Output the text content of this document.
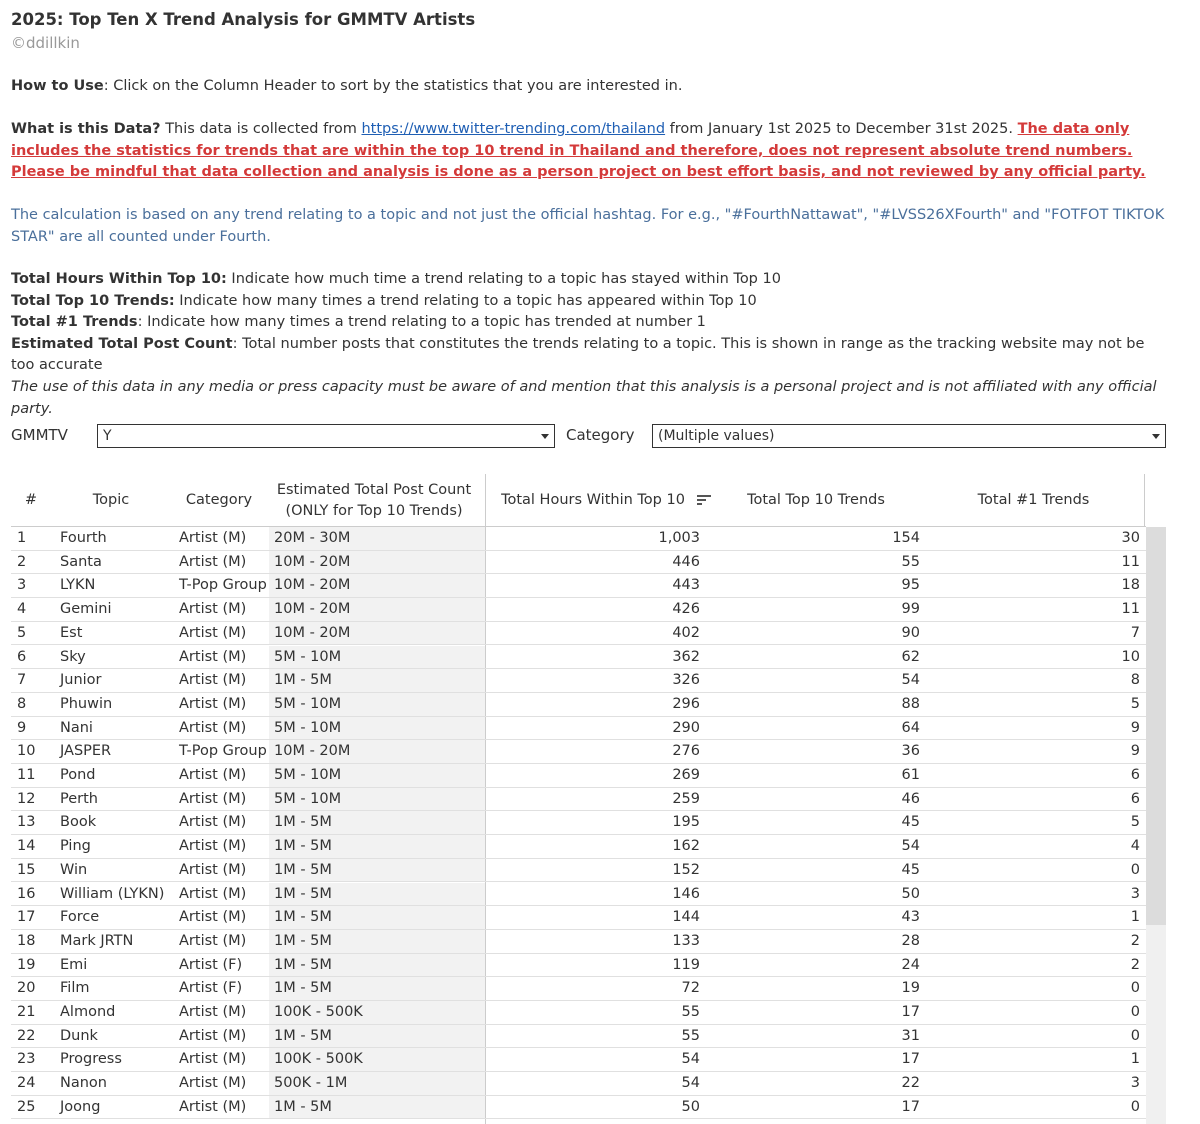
2025: Top Ten X Trend Analysis for GMMTV Artists
©ddillkin
How to Use: Click on the Column Header to sort by the statistics that you are interested in.
What is this Data? This data is collected from https://www.twitter-trending.com/thailand from January 1st 2025 to December 31st 2025. The data only includes the statistics for trends that are within the top 10 trend in Thailand and therefore, does not represent absolute trend numbers. Please be mindful that data collection and analysis is done as a person project on best effort basis, and not reviewed by any official party.
The calculation is based on any trend relating to a topic and not just the official hashtag. For e.g., "#FourthNattawat", "#LVSS26XFourth" and "FOTFOT TIKTOK STAR" are all counted under Fourth.
Total Hours Within Top 10: Indicate how much time a trend relating to a topic has stayed within Top 10
Total Top 10 Trends: Indicate how many times a trend relating to a topic has appeared within Top 10
Total #1 Trends: Indicate how many times a trend relating to a topic has trended at number 1
Estimated Total Post Count: Total number posts that constitutes the trends relating to a topic. This is shown in range as the tracking website may not be too accurate
The use of this data in any media or press capacity must be aware of and mention that this analysis is a personal project and is not affiliated with any official party.
GMMTV	Y	Category	(Multiple values)
#	Topic	Category
Estimated Total Post Count
(ONLY for Top 10 Trends)
Total Hours Within Top 10	Total Top 10 Trends	Total #1 Trends
1	Fourth	Artist (M)	20M - 30M	1,003	154	30
2	Santa	Artist (M)	10M - 20M	446	55	11
3	LYKN	T-Pop Group 10M - 20M	443	95	18
4	Gemini	Artist (M)	10M - 20M	426	99	11
5	Est	Artist (M)	10M - 20M	402	90	7
6	Sky	Artist (M)	5M - 10M	362	62	10
7	Junior	Artist (M)	1M - 5M	326	54	8
8	Phuwin	Artist (M)	5M - 10M	296	88	5
9	Nani	Artist (M)	5M - 10M	290	64	9
10	JASPER	T-Pop Group 10M - 20M	276	36	9
11	Pond	Artist (M)	5M - 10M	269	61	6
12	Perth	Artist (M)	5M - 10M	259	46	6
13	Book	Artist (M)	1M - 5M	195	45	5
14	Ping	Artist (M)	1M - 5M	162	54	4
15	Win	Artist (M)	1M - 5M	152	45	0
16	William (LYKN)	Artist (M)	1M - 5M	146	50	3
17	Force	Artist (M)	1M - 5M	144	43	1
18	Mark JRTN	Artist (M)	1M - 5M	133	28	2
19	Emi	Artist (F)	1M - 5M	119	24	2
20	Film	Artist (F)	1M - 5M	72	19	0
21	Almond	Artist (M)	100K - 500K	55	17	0
22	Dunk	Artist (M)	1M - 5M	55	31	0
23	Progress	Artist (M)	100K - 500K	54	17	1
24	Nanon	Artist (M)	500K - 1M	54	22	3
25	Joong	Artist (M)	1M - 5M	50	17	0
